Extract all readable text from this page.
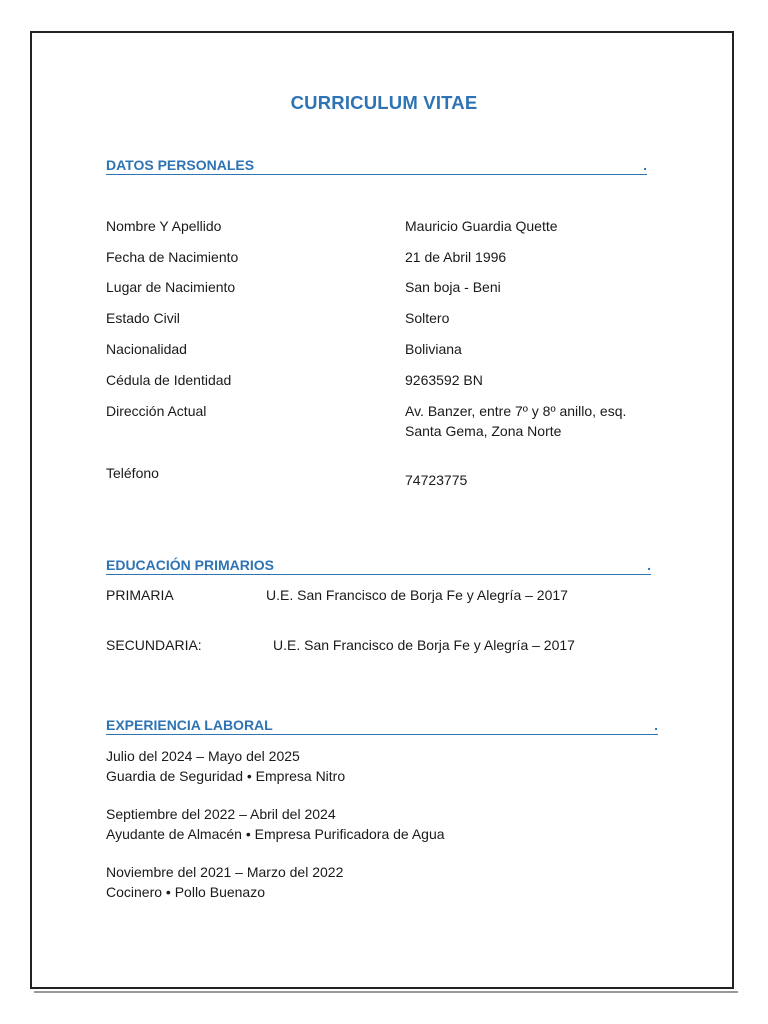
CURRICULUM VITAE
DATOS PERSONALES	.
Nombre Y Apellido	Mauricio Guardia Quette
Fecha de Nacimiento	21 de Abril 1996
Lugar de Nacimiento	San boja - Beni
Estado Civil	Soltero
Nacionalidad	Boliviana
Cédula de Identidad	9263592 BN
Dirección Actual	Av. Banzer, entre 7º y 8º anillo, esq. Santa Gema, Zona Norte
Teléfono	74723775
EDUCACIÓN PRIMARIOS	.
PRIMARIA	U.E. San Francisco de Borja Fe y Alegría – 2017
SECUNDARIA:	U.E. San Francisco de Borja Fe y Alegría – 2017
EXPERIENCIA LABORAL	.
Julio del 2024 – Mayo del 2025
Guardia de Seguridad • Empresa Nitro
Septiembre del 2022 – Abril del 2024
Ayudante de Almacén • Empresa Purificadora de Agua
Noviembre del 2021 – Marzo del 2022
Cocinero • Pollo Buenazo
